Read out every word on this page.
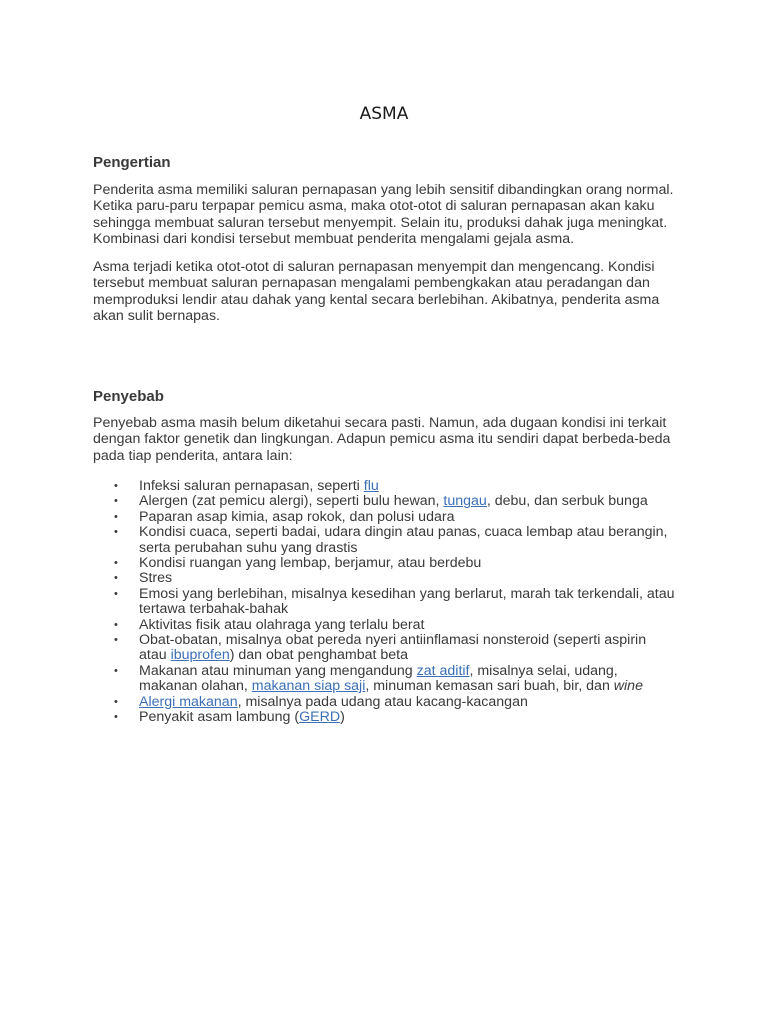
ASMA
Pengertian

Penderita asma memiliki saluran pernapasan yang lebih sensitif dibandingkan orang normal.
Ketika paru-paru terpapar pemicu asma, maka otot-otot di saluran pernapasan akan kaku
sehingga membuat saluran tersebut menyempit. Selain itu, produksi dahak juga meningkat.
Kombinasi dari kondisi tersebut membuat penderita mengalami gejala asma.

Asma terjadi ketika otot-otot di saluran pernapasan menyempit dan mengencang. Kondisi
tersebut membuat saluran pernapasan mengalami pembengkakan atau peradangan dan
memproduksi lendir atau dahak yang kental secara berlebihan. Akibatnya, penderita asma
akan sulit bernapas.

Penyebab

Penyebab asma masih belum diketahui secara pasti. Namun, ada dugaan kondisi ini terkait
dengan faktor genetik dan lingkungan. Adapun pemicu asma itu sendiri dapat berbeda-beda
pada tiap penderita, antara lain:

• Infeksi saluran pernapasan, seperti flu
• Alergen (zat pemicu alergi), seperti bulu hewan, tungau, debu, dan serbuk bunga
• Paparan asap kimia, asap rokok, dan polusi udara
• Kondisi cuaca, seperti badai, udara dingin atau panas, cuaca lembap atau berangin,
serta perubahan suhu yang drastis
• Kondisi ruangan yang lembap, berjamur, atau berdebu
• Stres
• Emosi yang berlebihan, misalnya kesedihan yang berlarut, marah tak terkendali, atau
tertawa terbahak-bahak
• Aktivitas fisik atau olahraga yang terlalu berat
• Obat-obatan, misalnya obat pereda nyeri antiinflamasi nonsteroid (seperti aspirin
atau ibuprofen) dan obat penghambat beta
• Makanan atau minuman yang mengandung zat aditif, misalnya selai, udang,
makanan olahan, makanan siap saji, minuman kemasan sari buah, bir, dan wine
• Alergi makanan, misalnya pada udang atau kacang-kacangan
• Penyakit asam lambung (GERD)
